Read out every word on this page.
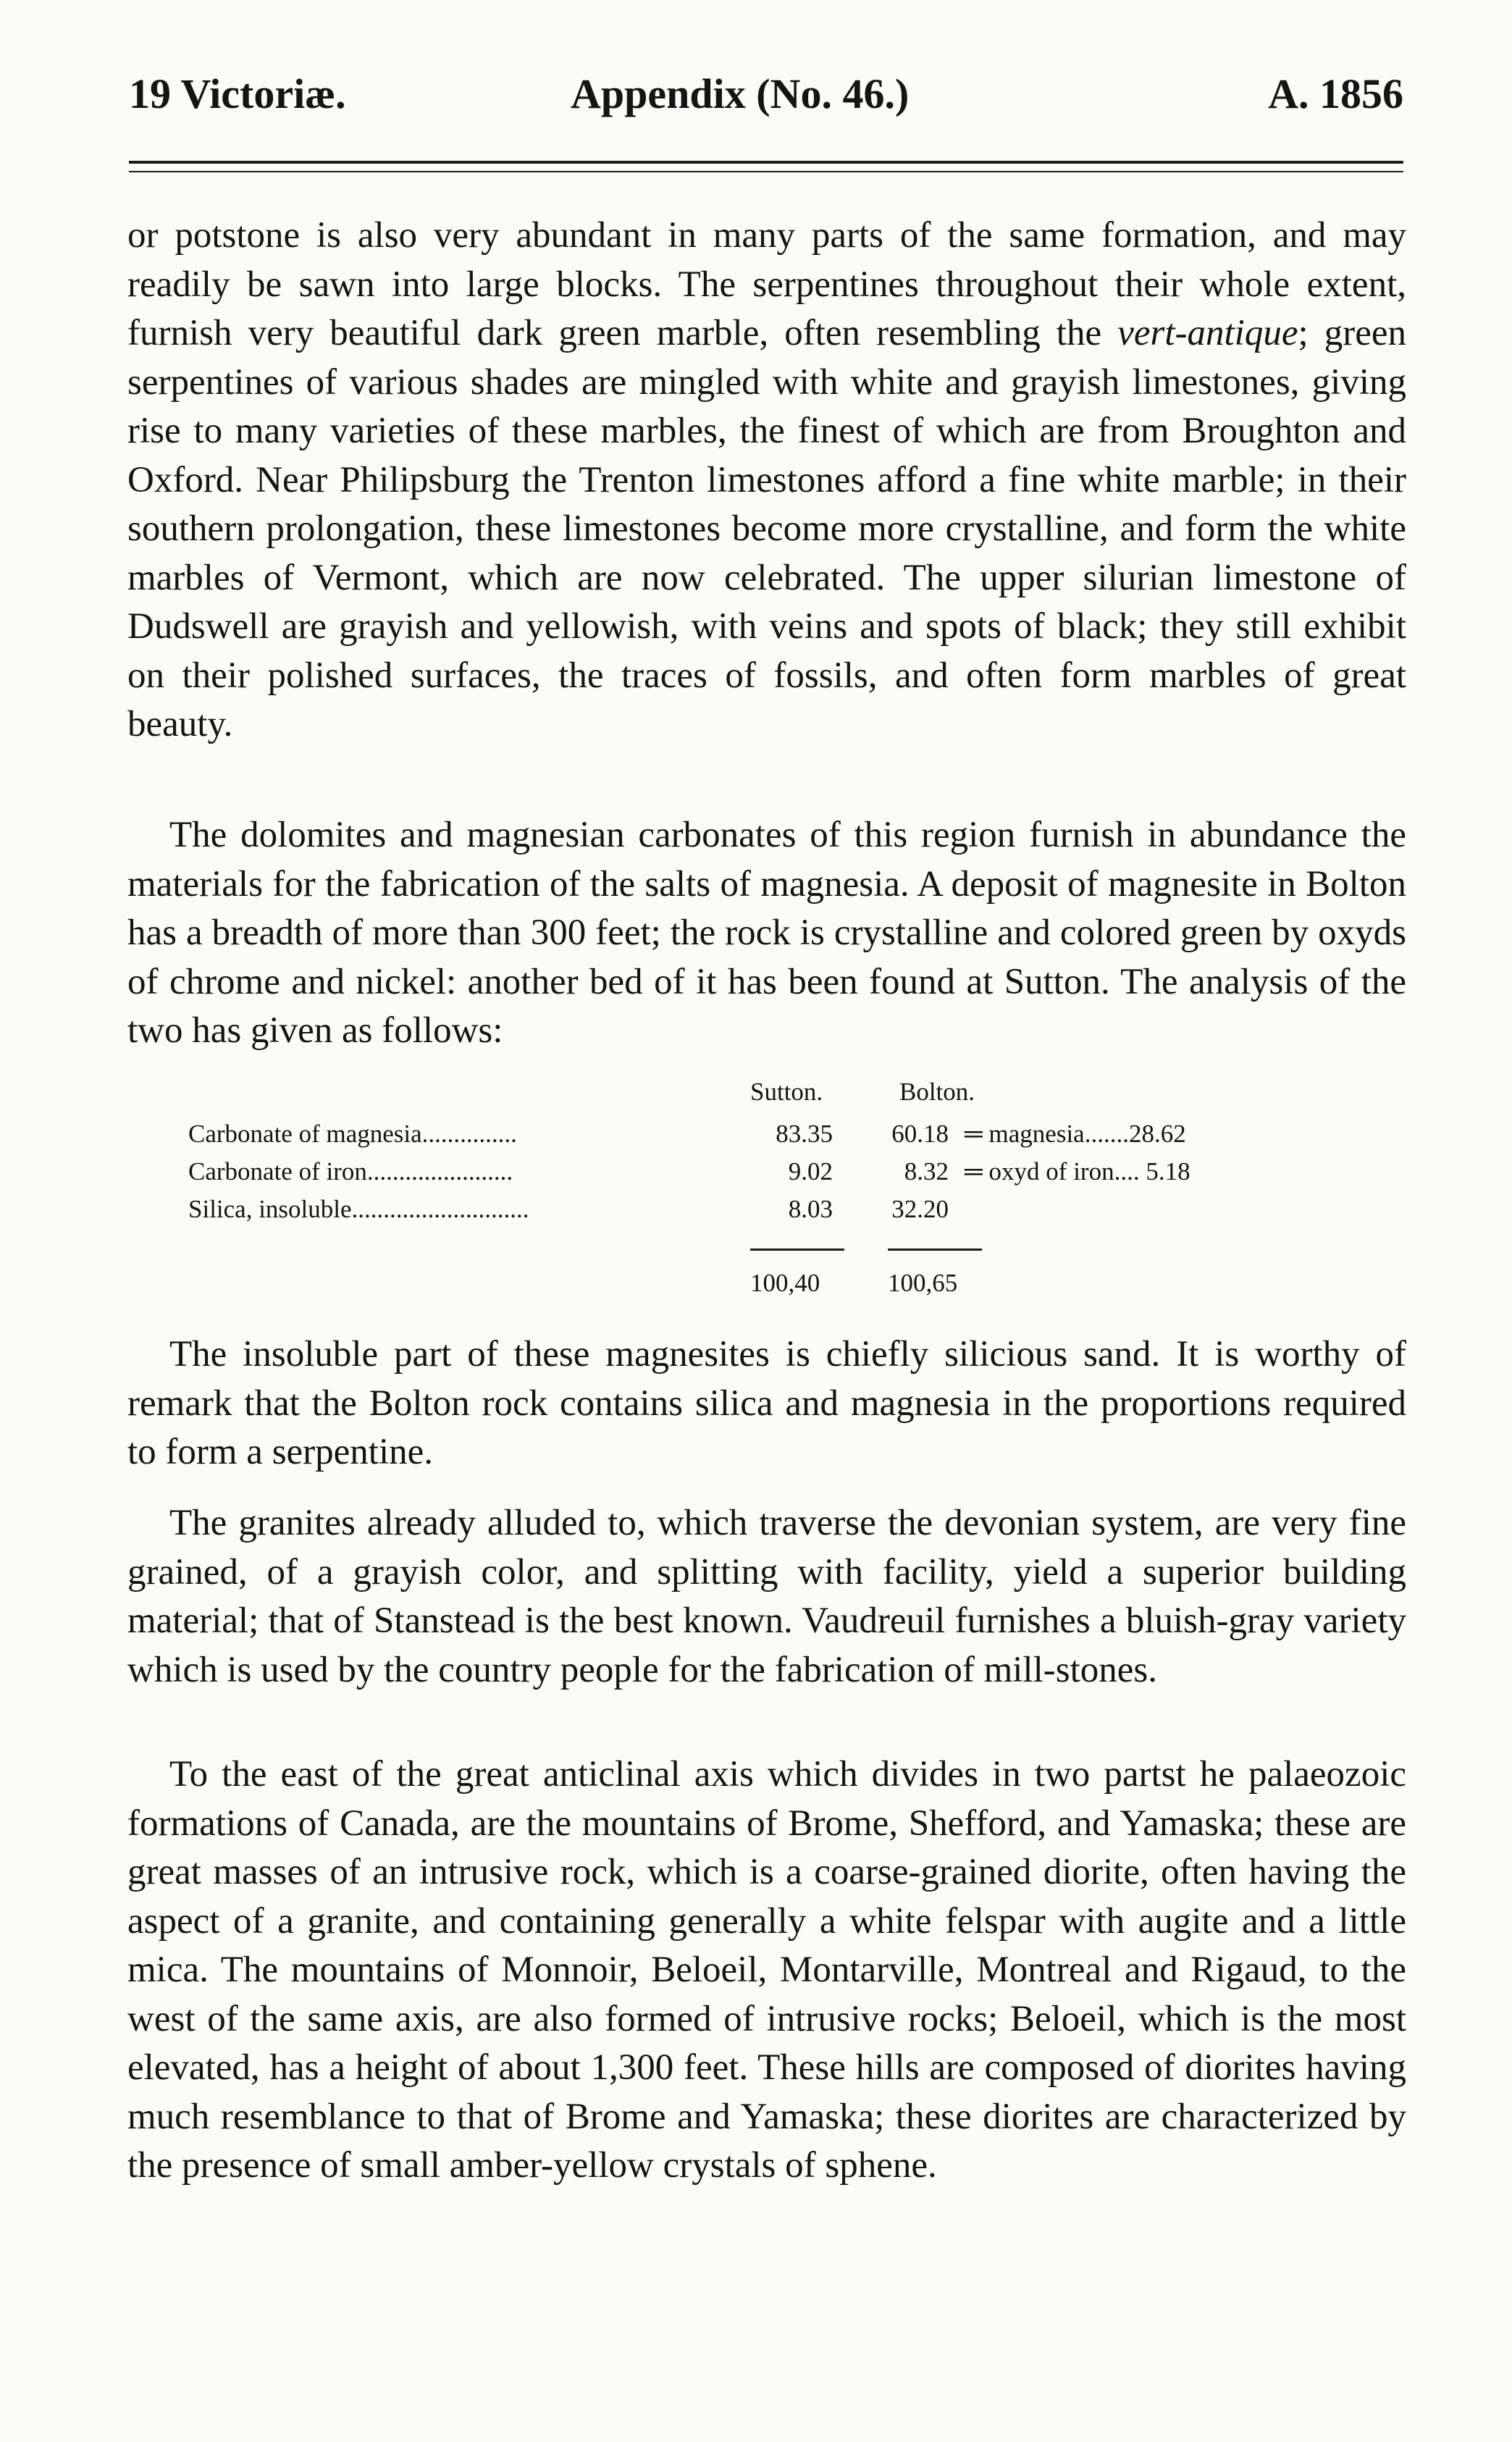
19 Victoriæ.	Appendix (No. 46.)	A. 1856

or potstone is also very abundant in many parts of the same formation, and may readily be sawn into large blocks. The serpentines throughout their whole extent, furnish very beautiful dark green marble, often resembling the vert-antique; green serpentines of various shades are mingled with white and grayish limestones, giving rise to many varieties of these marbles, the finest of which are from Broughton and Oxford. Near Philipsburg the Trenton limestones afford a fine white marble; in their southern prolongation, these limestones become more crystalline, and form the white marbles of Vermont, which are now celebrated. The upper silurian limestone of Dudswell are grayish and yellowish, with veins and spots of black; they still exhibit on their polished surfaces, the traces of fossils, and often form marbles of great beauty.

The dolomites and magnesian carbonates of this region furnish in abundance the materials for the fabrication of the salts of magnesia. A deposit of magnesite in Bolton has a breadth of more than 300 feet; the rock is crystalline and colored green by oxyds of chrome and nickel: another bed of it has been found at Sutton. The analysis of the two has given as follows:

Sutton.	Bolton.
Carbonate of magnesia...............	83.35	60.18 ═ magnesia.......28.62
Carbonate of iron.......................	9.02	8.32 ═ oxyd of iron.... 5.18
Silica, insoluble............................	8.03	32.20
100,40	100,65

The insoluble part of these magnesites is chiefly silicious sand. It is worthy of remark that the Bolton rock contains silica and magnesia in the proportions required to form a serpentine.

The granites already alluded to, which traverse the devonian system, are very fine grained, of a grayish color, and splitting with facility, yield a superior building material; that of Stanstead is the best known. Vaudreuil furnishes a bluish-gray variety which is used by the country people for the fabrication of mill-stones.

To the east of the great anticlinal axis which divides in two partst he palaeozoic formations of Canada, are the mountains of Brome, Shefford, and Yamaska; these are great masses of an intrusive rock, which is a coarse-grained diorite, often having the aspect of a granite, and containing generally a white felspar with augite and a little mica. The mountains of Monnoir, Beloeil, Montarville, Montreal and Rigaud, to the west of the same axis, are also formed of intrusive rocks; Beloeil, which is the most elevated, has a height of about 1,300 feet. These hills are composed of diorites having much resemblance to that of Brome and Yamaska; these diorites are characterized by the presence of small amber-yellow crystals of sphene.
